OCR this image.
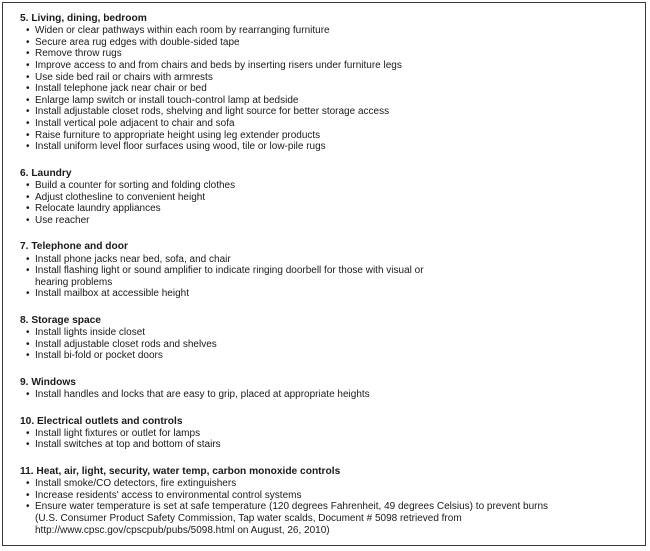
5. Living, dining, bedroom

• Widen or clear pathways within each room by rearranging furniture
• Secure area rug edges with double-sided tape
• Remove throw rugs
• Improve access to and from chairs and beds by inserting risers under furniture legs
• Use side bed rail or chairs with armrests
• Install telephone jack near chair or bed
• Enlarge lamp switch or install touch-control lamp at bedside
• Install adjustable closet rods, shelving and light source for better storage access
• Install vertical pole adjacent to chair and sofa
• Raise furniture to appropriate height using leg extender products
• Install uniform level floor surfaces using wood, tile or low-pile rugs

6. Laundry

• Build a counter for sorting and folding clothes
• Adjust clothesline to convenient height
• Relocate laundry appliances
• Use reacher

7. Telephone and door

• Install phone jacks near bed, sofa, and chair
• Install flashing light or sound amplifier to indicate ringing doorbell for those with visual or
hearing problems
• Install mailbox at accessible height

8. Storage space

• Install lights inside closet
• Install adjustable closet rods and shelves
• Install bi-fold or pocket doors

9. Windows

• Install handles and locks that are easy to grip, placed at appropriate heights

10. Electrical outlets and controls

• Install light fixtures or outlet for lamps
• Install switches at top and bottom of stairs

11. Heat, air, light, security, water temp, carbon monoxide controls

• Install smoke/CO detectors, fire extinguishers
• Increase residents' access to environmental control systems
• Ensure water temperature is set at safe temperature (120 degrees Fahrenheit, 49 degrees Celsius) to prevent burns
(U.S. Consumer Product Safety Commission, Tap water scalds, Document # 5098 retrieved from
http://www.cpsc.gov/cpscpub/pubs/5098.html on August, 26, 2010)
